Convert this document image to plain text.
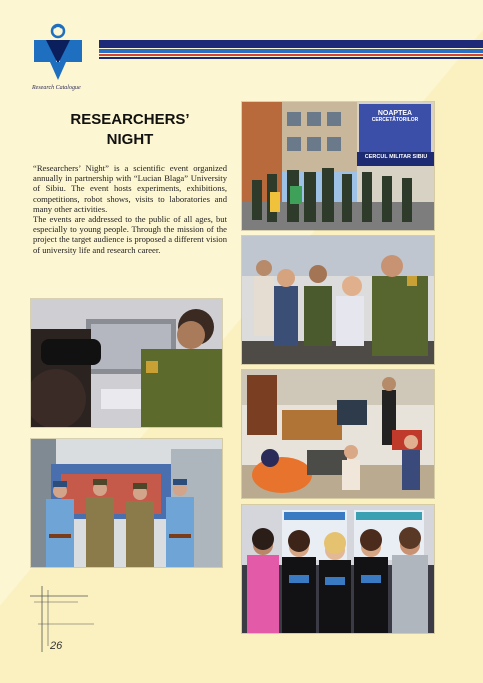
Research Catalogue
RESEARCHERS’
NIGHT

“Researchers’ Night” is a scientific event organized annually in partnership with “Lucian Blaga” University of Sibiu. The event hosts experiments, exhibitions, competitions, robot shows, visits to laboratories and many other activities.

The events are addressed to the public of all ages, but especially to young people. Through the mission of the project the target audience is proposed a different vision of university life and research career.

NOAPTEA
CERCETĂTORILOR
CERCUL MILITAR SIBIU
26
